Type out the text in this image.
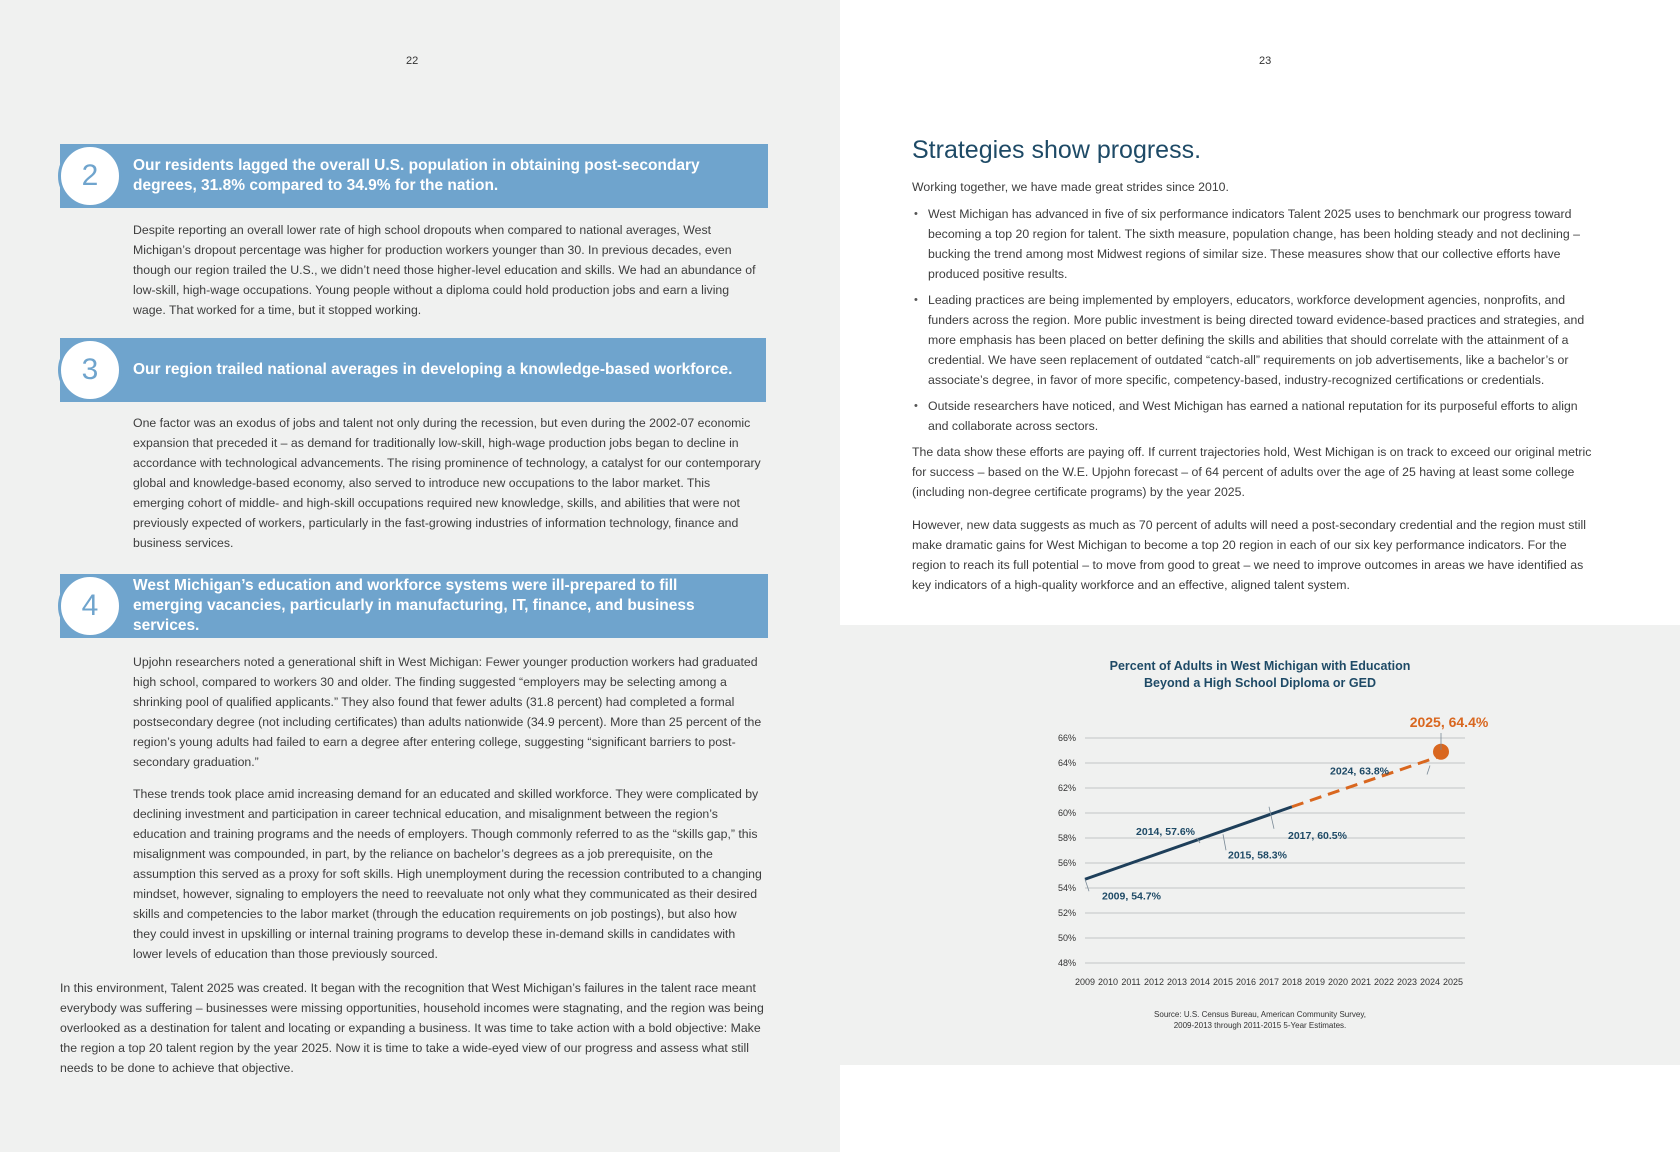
22
2	Our residents lagged the overall U.S. population in obtaining post-secondary degrees, 31.8% compared to 34.9% for the nation.
Despite reporting an overall lower rate of high school dropouts when compared to national averages, West Michigan’s dropout percentage was higher for production workers younger than 30. In previous decades, even though our region trailed the U.S., we didn’t need those higher-level education and skills. We had an abundance of low-skill, high-wage occupations. Young people without a diploma could hold production jobs and earn a living wage. That worked for a time, but it stopped working.
3	Our region trailed national averages in developing a knowledge-based workforce.
One factor was an exodus of jobs and talent not only during the recession, but even during the 2002-07 economic expansion that preceded it – as demand for traditionally low-skill, high-wage production jobs began to decline in accordance with technological advancements. The rising prominence of technology, a catalyst for our contemporary global and knowledge-based economy, also served to introduce new occupations to the labor market. This emerging cohort of middle- and high-skill occupations required new knowledge, skills, and abilities that were not previously expected of workers, particularly in the fast-growing industries of information technology, finance and business services.
4
West Michigan’s education and workforce systems were ill-prepared to fill emerging vacancies, particularly in manufacturing, IT, finance, and business services.
Upjohn researchers noted a generational shift in West Michigan: Fewer younger production workers had graduated high school, compared to workers 30 and older. The finding suggested “employers may be selecting among a shrinking pool of qualified applicants.” They also found that fewer adults (31.8 percent) had completed a formal postsecondary degree (not including certificates) than adults nationwide (34.9 percent). More than 25 percent of the region’s young adults had failed to earn a degree after entering college, suggesting “significant barriers to post-secondary graduation.”
These trends took place amid increasing demand for an educated and skilled workforce. They were complicated by declining investment and participation in career technical education, and misalignment between the region’s education and training programs and the needs of employers. Though commonly referred to as the “skills gap,” this misalignment was compounded, in part, by the reliance on bachelor’s degrees as a job prerequisite, on the assumption this served as a proxy for soft skills. High unemployment during the recession contributed to a changing mindset, however, signaling to employers the need to reevaluate not only what they communicated as their desired skills and competencies to the labor market (through the education requirements on job postings), but also how they could invest in upskilling or internal training programs to develop these in-demand skills in candidates with lower levels of education than those previously sourced.
In this environment, Talent 2025 was created. It began with the recognition that West Michigan’s failures in the talent race meant everybody was suffering – businesses were missing opportunities, household incomes were stagnating, and the region was being overlooked as a destination for talent and locating or expanding a business. It was time to take action with a bold objective: Make the region a top 20 talent region by the year 2025. Now it is time to take a wide-eyed view of our progress and assess what still needs to be done to achieve that objective.
23
Strategies show progress.
Working together, we have made great strides since 2010.
• West Michigan has advanced in five of six performance indicators Talent 2025 uses to benchmark our progress toward becoming a top 20 region for talent. The sixth measure, population change, has been holding steady and not declining – bucking the trend among most Midwest regions of similar size. These measures show that our collective efforts have produced positive results.
• Leading practices are being implemented by employers, educators, workforce development agencies, nonprofits, and funders across the region. More public investment is being directed toward evidence-based practices and strategies, and more emphasis has been placed on better defining the skills and abilities that should correlate with the attainment of a credential. We have seen replacement of outdated “catch-all” requirements on job advertisements, like a bachelor’s or associate’s degree, in favor of more specific, competency-based, industry-recognized certifications or credentials.
• Outside researchers have noticed, and West Michigan has earned a national reputation for its purposeful efforts to align and collaborate across sectors.
The data show these efforts are paying off. If current trajectories hold, West Michigan is on track to exceed our original metric for success – based on the W.E. Upjohn forecast – of 64 percent of adults over the age of 25 having at least some college (including non-degree certificate programs) by the year 2025.
However, new data suggests as much as 70 percent of adults will need a post-secondary credential and the region must still make dramatic gains for West Michigan to become a top 20 region in each of our six key performance indicators. For the region to reach its full potential – to move from good to great – we need to improve outcomes in areas we have identified as key indicators of a high-quality workforce and an effective, aligned talent system.
Percent of Adults in West Michigan with Education
Beyond a High School Diploma or GED
48%
50%
52%
54%
56%
58%
60%
62%
64%
66%
2009 2010 2011 2012 2013 2014 2015 2016 2017 2018 2019 2020 2021 2022 2023 2024 2025
2009, 54.7%
2014, 57.6%
2015, 58.3%
2017, 60.5%
2024, 63.8%
2025, 64.4%
Source: U.S. Census Bureau, American Community Survey,
2009-2013 through 2011-2015 5-Year Estimates.
